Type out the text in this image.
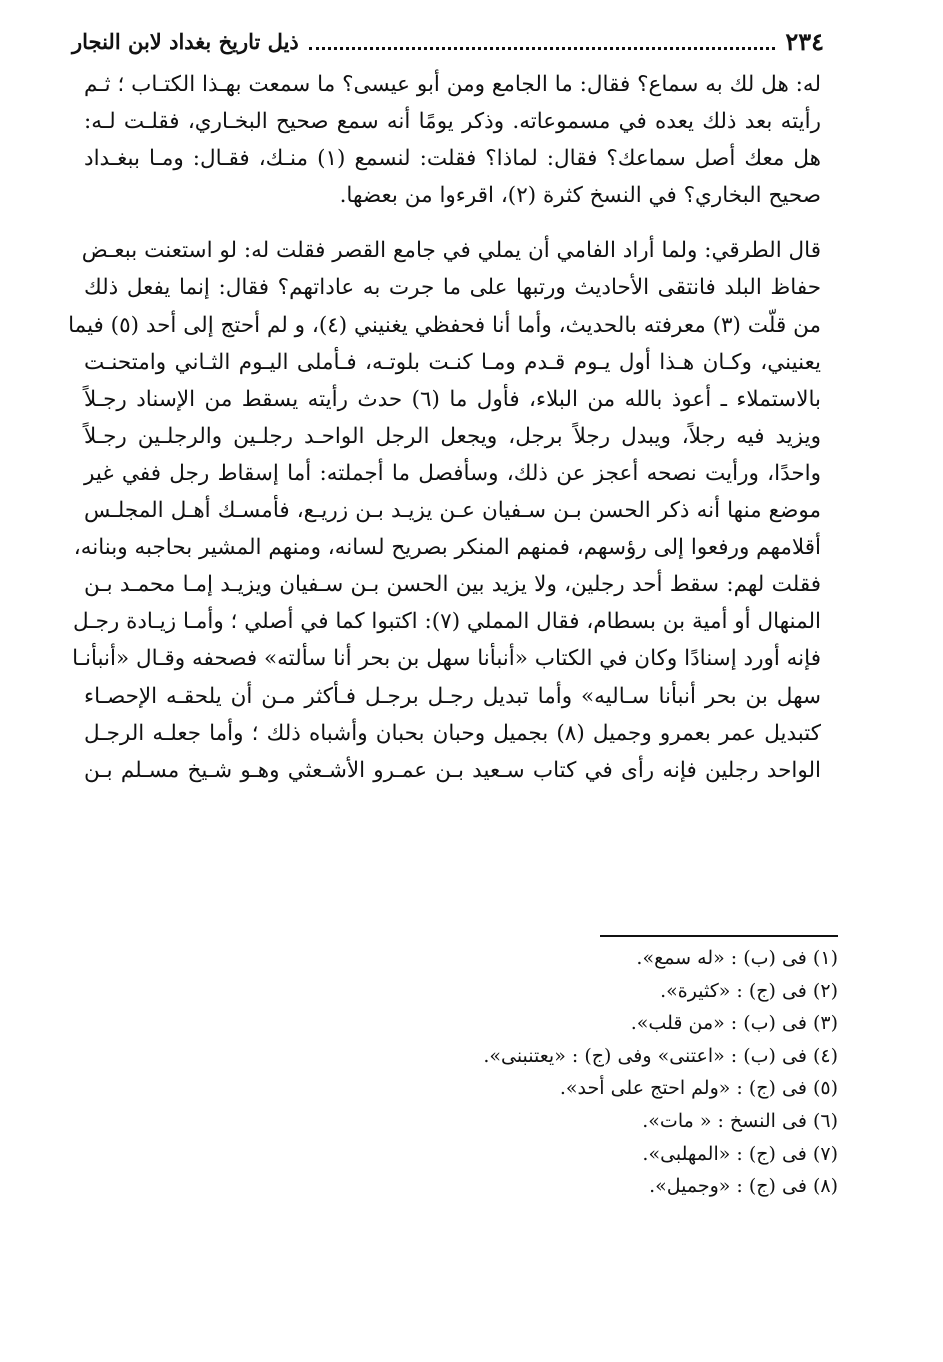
٢٣٤
ذيل تاريخ بغداد لابن النجار

له: هل لك به سماع؟ فقال: ما الجامع ومن أبو عيسى؟ ما سمعت بهـذا الكتـاب ؛ ثـم
رأيته بعد ذلك يعده في مسموعاته. وذكر يومًا أنه سمع صحيح البخـاري، فقلـت لـه:
هل معك أصل سماعك؟ فقال: لماذا؟ فقلت: لنسمع (١) منـك، فقـال: ومـا ببغـداد
صحيح البخاري؟ في النسخ كثرة (٢)، اقرءوا من بعضها.

قال الطرقي: ولما أراد الفامي أن يملي في جامع القصر فقلت له: لو استعنت ببعـض
حفاظ البلد فانتقى الأحاديث ورتبها على ما جرت به عاداتهم؟ فقال: إنما يفعل ذلك
من قلّت (٣) معرفته بالحديث، وأما أنا فحفظي يغنيني (٤)، و لم أحتج إلى أحد (٥) فيما
يعنيني، وكـان هـذا أول يـوم قـدم ومـا كنـت بلوتـه، فـأملى اليـوم الثـاني وامتحنـت
بالاستملاء ـ أعوذ بالله من البلاء، فأول ما (٦) حدث رأيته يسقط من الإسناد رجـلاً
ويزيد فيه رجلاً، ويبدل رجلاً برجل، ويجعل الرجل الواحـد رجلـين والرجلـين رجـلاً
واحدًا، ورأيت نصحه أعجز عن ذلك، وسأفصل ما أجملته: أما إسقاط رجل ففي غير
موضع منها أنه ذكر الحسن بـن سـفيان عـن يزيـد بـن زريـع، فأمسـك أهـل المجلـس
أقلامهم ورفعوا إلى رؤسهم، فمنهم المنكر بصريح لسانه، ومنهم المشير بحاجبه وبنانه،
فقلت لهم: سقط أحد رجلين، ولا يزيد بين الحسن بـن سـفيان ويزيـد إمـا محمـد بـن
المنهال أو أمية بن بسطام، فقال المملي (٧): اكتبوا كما في أصلي ؛ وأمـا زيـادة رجـل
فإنه أورد إسنادًا وكان في الكتاب «أنبأنا سهل بن بحر أنا سألته» فصحفه وقـال «أنبأنـا
سهل بن بحر أنبأنا سـاليه» وأما تبديل رجـل برجـل فـأكثر مـن أن يلحقـه الإحصـاء
كتبديل عمر بعمرو وجميل (٨) بجميل وحبان بحبان وأشباه ذلك ؛ وأما جعلـه الرجـل
الواحد رجلين فإنه رأى في كتاب سـعيد بـن عمـرو الأشـعثي وهـو شـيخ مسـلم بـن

(١) فى (ب) : «له سمع».
(٢) فى (ج) : «كثيرة».
(٣) فى (ب) : «من قلب».
(٤) فى (ب) : «اعتنى» وفى (ج) : «يعتنبنى».
(٥) فى (ج) : «ولم احتج على أحد».
(٦) فى النسخ : « مات».
(٧) فى (ج) : «المهلبى».
(٨) فى (ج) : «وجميل».
